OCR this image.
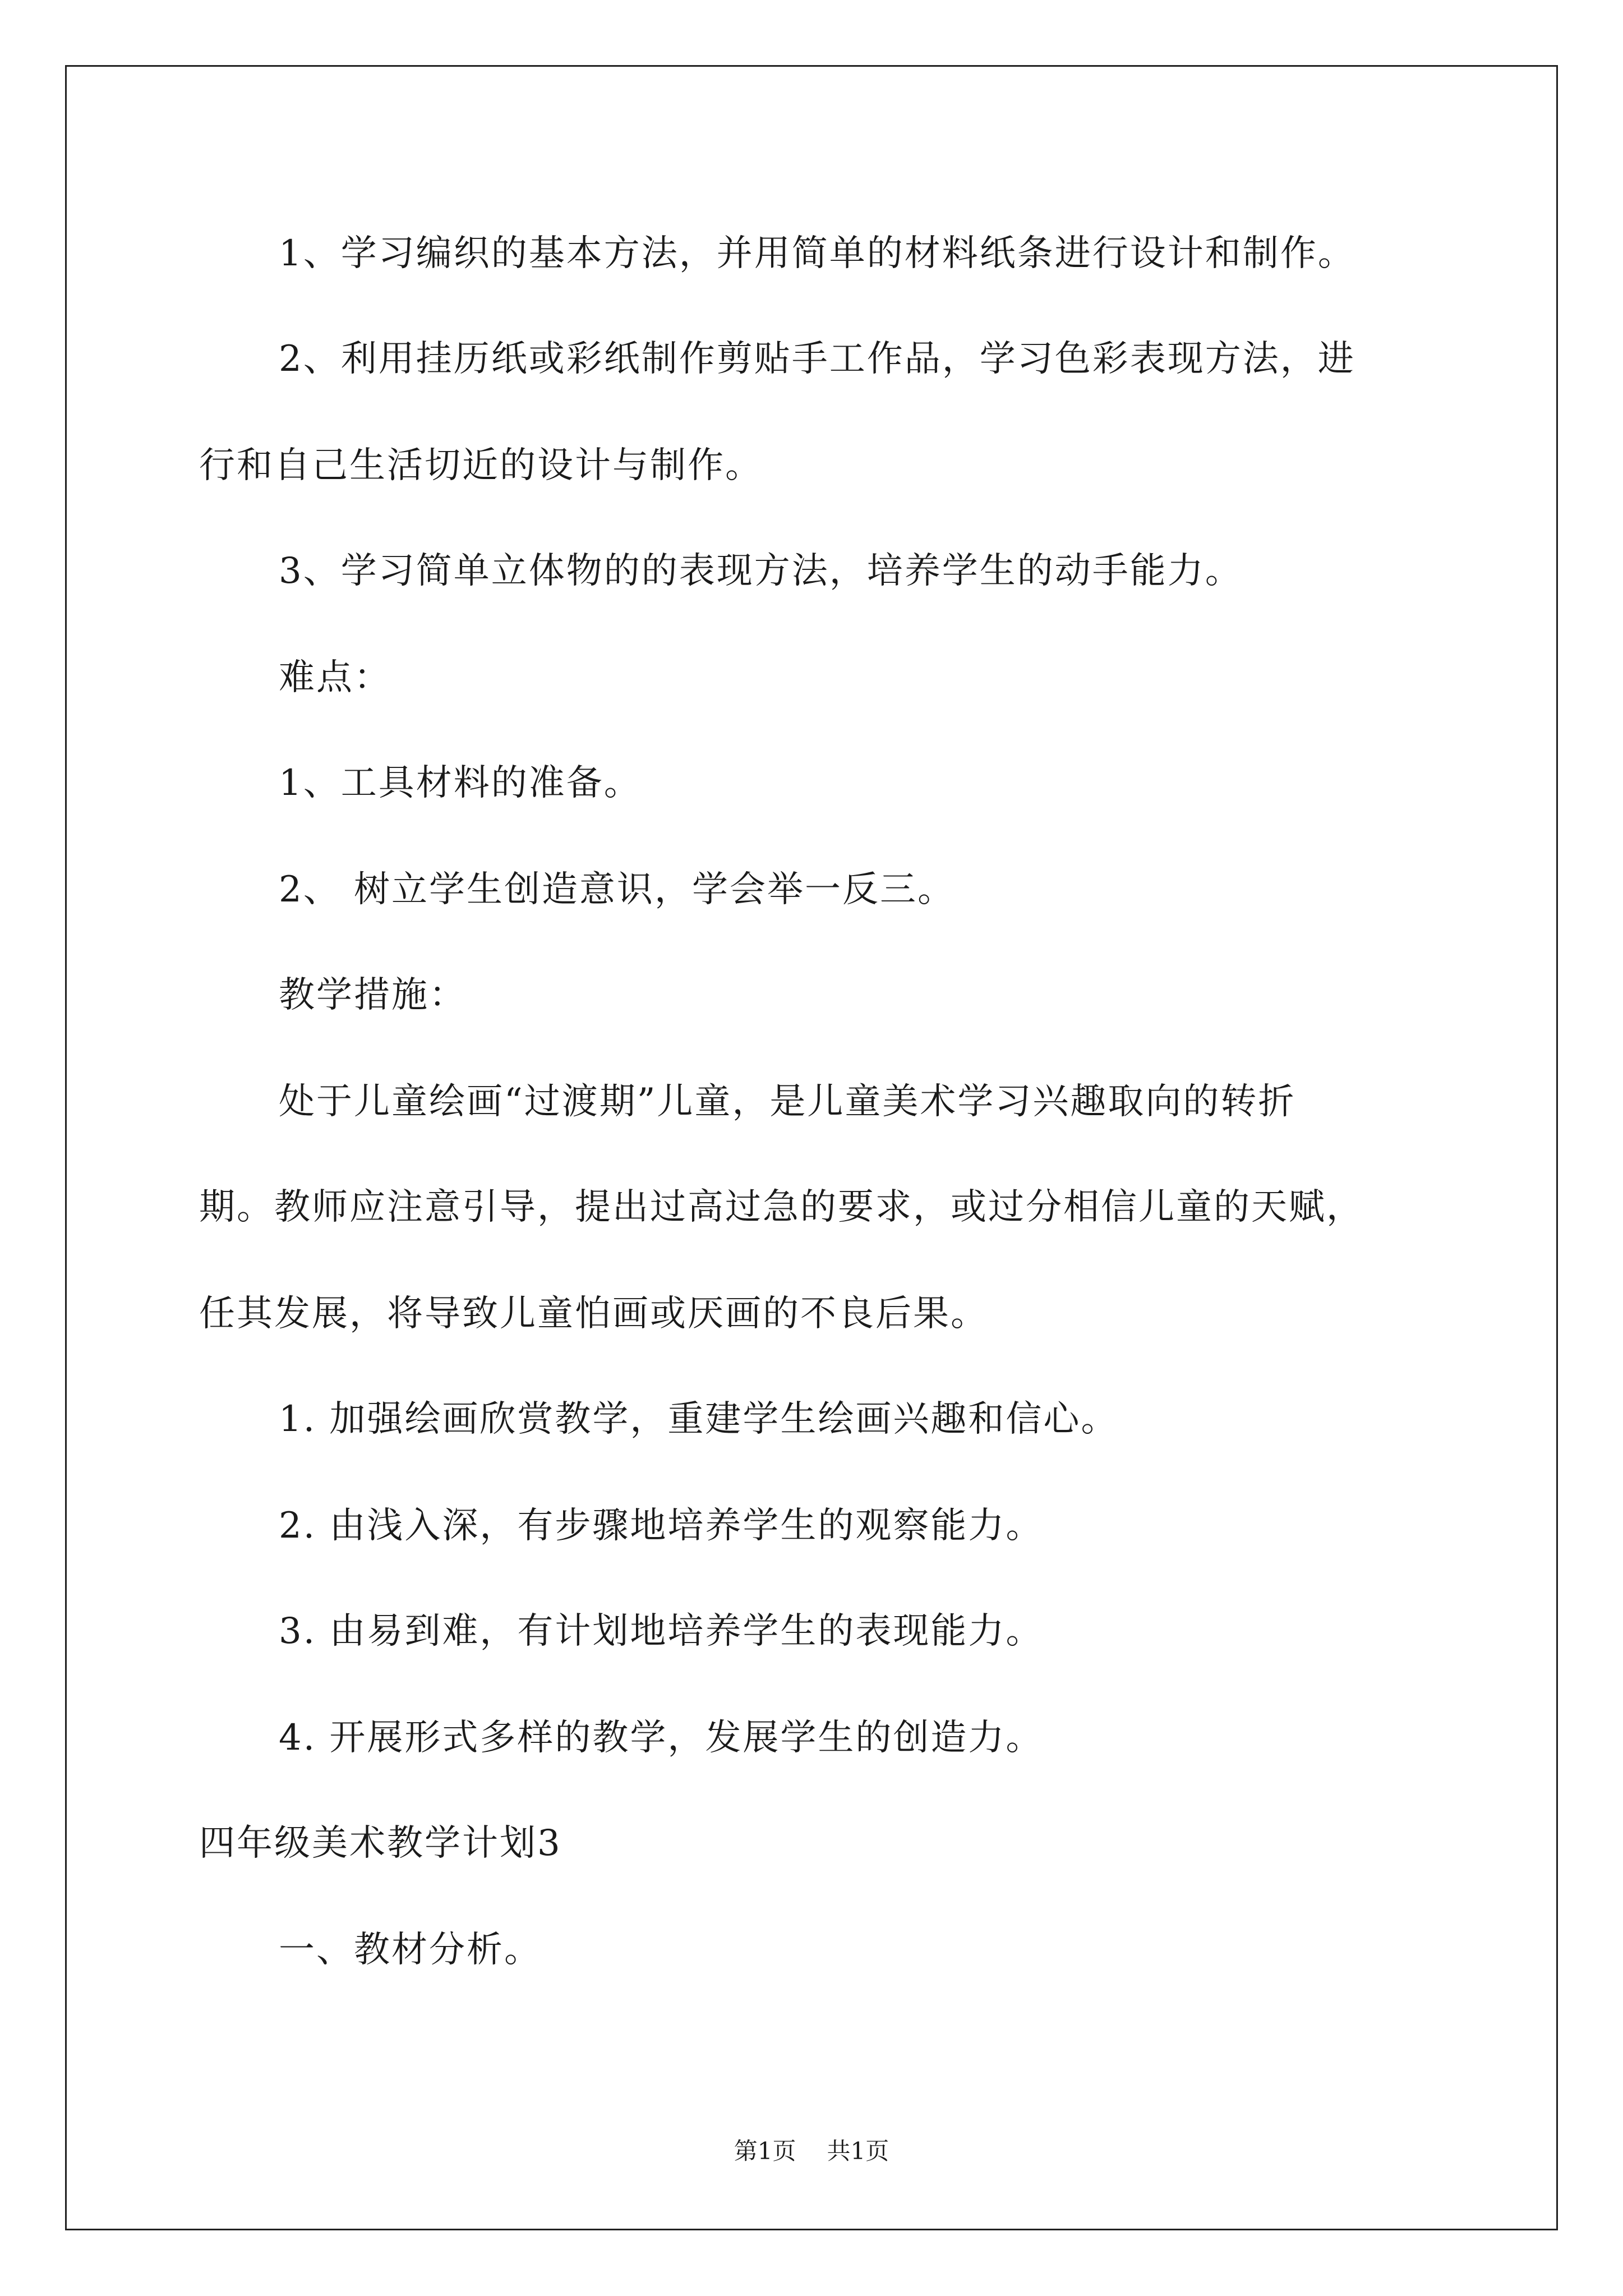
1、学习编织的基本方法，并用简单的材料纸条进行设计和制作。
2、利用挂历纸或彩纸制作剪贴手工作品，学习色彩表现方法，进
行和自己生活切近的设计与制作。
3、学习简单立体物的的表现方法，培养学生的动手能力。
难点：
1、工具材料的准备。
2、 树立学生创造意识，学会举一反三。
教学措施：
处于儿童绘画“过渡期”儿童，是儿童美术学习兴趣取向的转折
期。教师应注意引导，提出过高过急的要求，或过分相信儿童的天赋，
任其发展，将导致儿童怕画或厌画的不良后果。
1. 加强绘画欣赏教学，重建学生绘画兴趣和信心。
2. 由浅入深，有步骤地培养学生的观察能力。
3. 由易到难，有计划地培养学生的表现能力。
4. 开展形式多样的教学，发展学生的创造力。
四年级美术教学计划3
一、教材分析。
第1页 共1页
